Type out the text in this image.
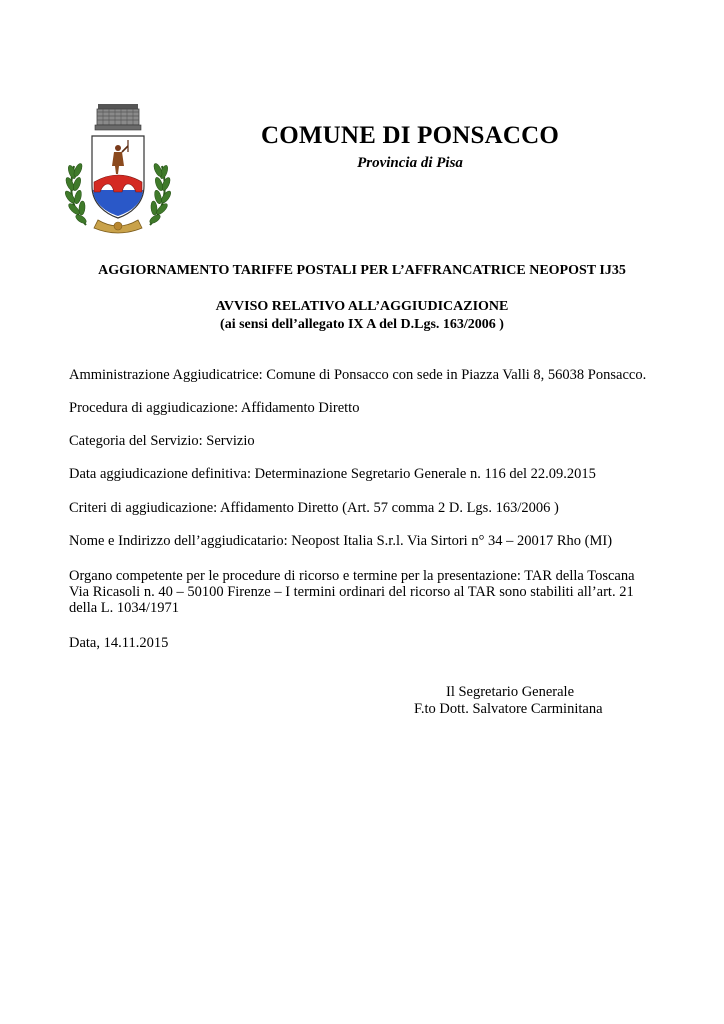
COMUNE DI PONSACCO
Provincia di Pisa
AGGIORNAMENTO TARIFFE POSTALI PER L’AFFRANCATRICE NEOPOST IJ35
AVVISO RELATIVO ALL’AGGIUDICAZIONE
(ai sensi dell’allegato IX A del D.Lgs. 163/2006 )
Amministrazione Aggiudicatrice: Comune di Ponsacco con sede in Piazza Valli 8, 56038 Ponsacco.
Procedura di aggiudicazione: Affidamento Diretto
Categoria del Servizio: Servizio
Data aggiudicazione definitiva: Determinazione Segretario Generale n. 116 del 22.09.2015
Criteri di aggiudicazione: Affidamento Diretto (Art. 57 comma 2 D. Lgs. 163/2006 )
Nome e Indirizzo dell’aggiudicatario: Neopost Italia S.r.l. Via Sirtori n° 34 – 20017 Rho (MI)
Organo competente per le procedure di ricorso e termine per la presentazione: TAR della Toscana
Via Ricasoli n. 40 – 50100 Firenze – I termini ordinari del ricorso al TAR sono stabiliti all’art. 21
della L. 1034/1971
Data, 14.11.2015
Il Segretario Generale
F.to Dott. Salvatore Carminitana
